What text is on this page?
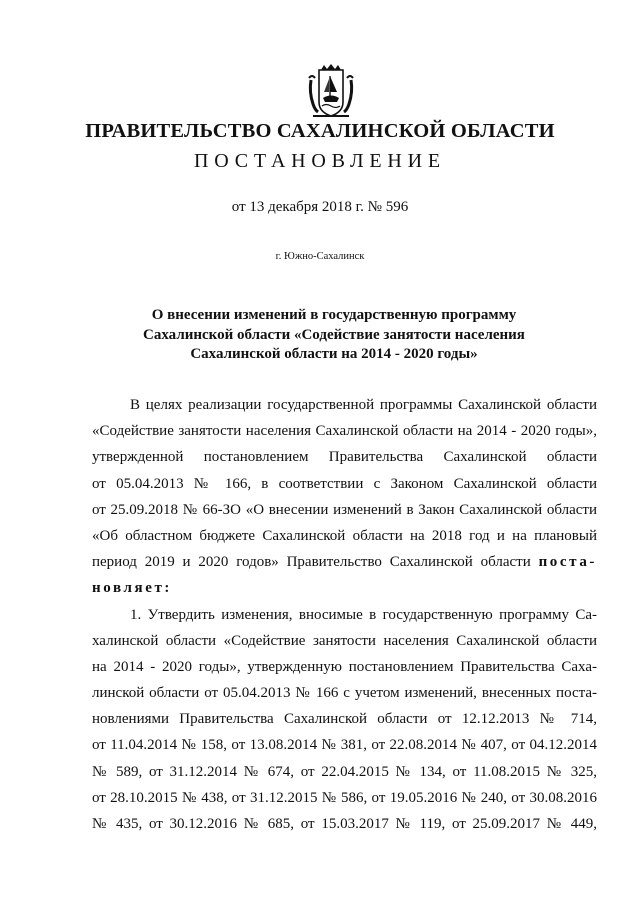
ПРАВИТЕЛЬСТВО САХАЛИНСКОЙ ОБЛАСТИ
ПОСТАНОВЛЕНИЕ
от 13 декабря 2018 г. № 596
г. Южно-Сахалинск
О внесении изменений в государственную программу
Сахалинской области «Содействие занятости населения
Сахалинской области на 2014 - 2020 годы»
В целях реализации государственной программы Сахалинской области
«Содействие занятости населения Сахалинской области на 2014 - 2020 годы»,
утвержденной постановлением Правительства Сахалинской области
от 05.04.2013 № 166, в соответствии с Законом Сахалинской области
от 25.09.2018 № 66-ЗО «О внесении изменений в Закон Сахалинской области
«Об областном бюджете Сахалинской области на 2018 год и на плановый
период 2019 и 2020 годов» Правительство Сахалинской области поста-
новляет:
1. Утвердить изменения, вносимые в государственную программу Са-
халинской области «Содействие занятости населения Сахалинской области
на 2014 - 2020 годы», утвержденную постановлением Правительства Саха-
линской области от 05.04.2013 № 166 с учетом изменений, внесенных поста-
новлениями Правительства Сахалинской области от 12.12.2013 № 714,
от 11.04.2014 № 158, от 13.08.2014 № 381, от 22.08.2014 № 407, от 04.12.2014
№ 589, от 31.12.2014 № 674, от 22.04.2015 № 134, от 11.08.2015 № 325,
от 28.10.2015 № 438, от 31.12.2015 № 586, от 19.05.2016 № 240, от 30.08.2016
№ 435, от 30.12.2016 № 685, от 15.03.2017 № 119, от 25.09.2017 № 449,
